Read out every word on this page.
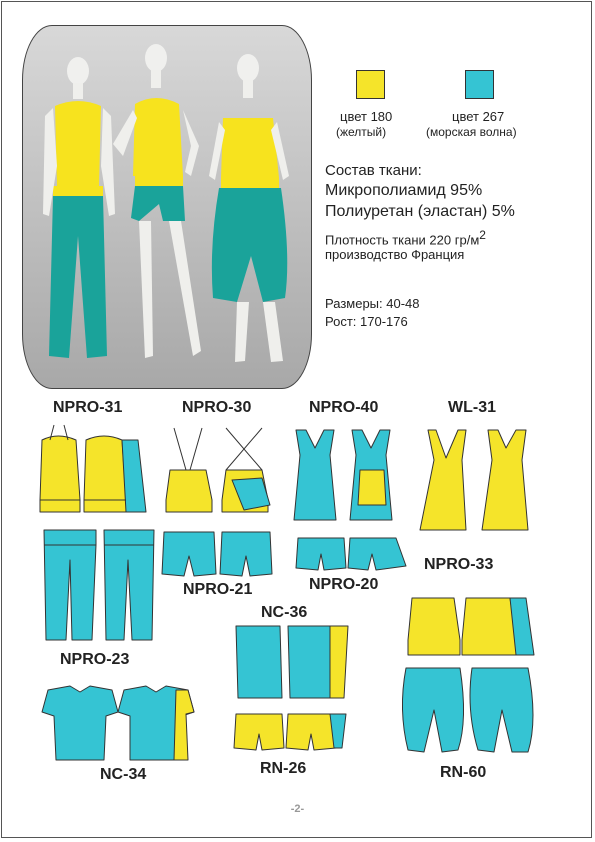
цвет 180
(желтый)
цвет 267
(морская волна)
Состав ткани:
Микрополиамид 95%
Полиуретан (эластан) 5%
Плотность ткани 220 $гр/м^2$
производство Франция
Размеры: 40-48
Рост: 170-176
NPRO-31	NPRO-30	NPRO-40	WL-31
NPRO-21	NPRO-20
NPRO-33
NPRO-23
NC-36
NC-34	RN-26	RN-60
-2-
